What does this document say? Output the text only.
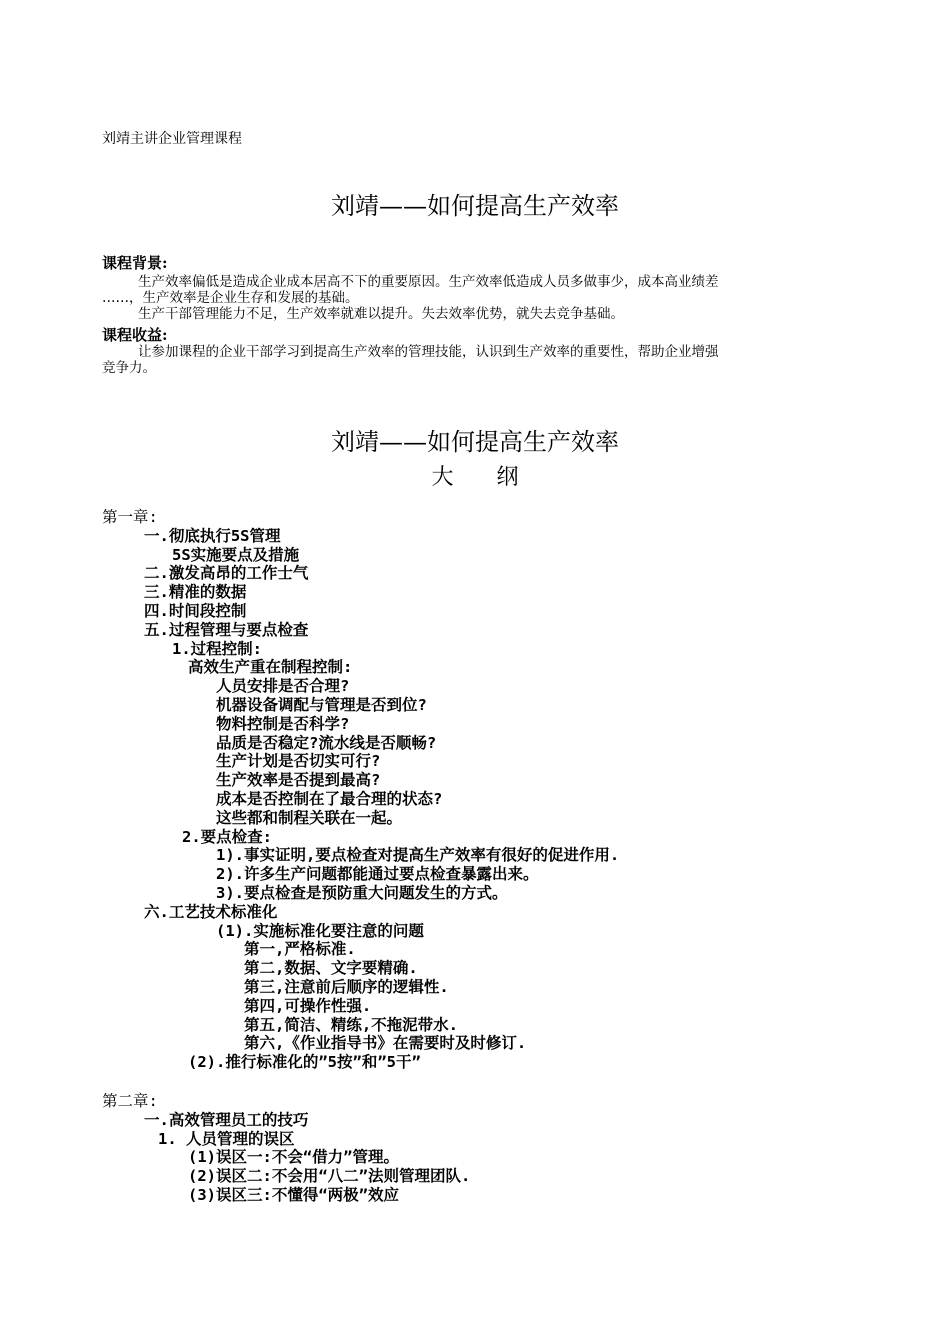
刘靖主讲企业管理课程
刘靖——如何提高生产效率
课程背景:
生产效率偏低是造成企业成本居高不下的重要原因。生产效率低造成人员多做事少，成本高业绩差
……，生产效率是企业生存和发展的基础。
生产干部管理能力不足，生产效率就难以提升。失去效率优势，就失去竞争基础。
课程收益:
让参加课程的企业干部学习到提高生产效率的管理技能，认识到生产效率的重要性，帮助企业增强
竞争力。
刘靖——如何提高生产效率
大 纲
第一章:
一.彻底执行5S管理
5S实施要点及措施
二.激发高昂的工作士气
三.精准的数据
四.时间段控制
五.过程管理与要点检查
1.过程控制:
高效生产重在制程控制:
人员安排是否合理?
机器设备调配与管理是否到位?
物料控制是否科学?
品质是否稳定?流水线是否顺畅?
生产计划是否切实可行?
生产效率是否提到最高?
成本是否控制在了最合理的状态?
这些都和制程关联在一起。
2.要点检查:
1).事实证明,要点检查对提高生产效率有很好的促进作用.
2).许多生产问题都能通过要点检查暴露出来。
3).要点检查是预防重大问题发生的方式。
六.工艺技术标准化
(1).实施标准化要注意的问题
第一,严格标准.
第二,数据、文字要精确.
第三,注意前后顺序的逻辑性.
第四,可操作性强.
第五,简洁、精练,不拖泥带水.
第六,《作业指导书》在需要时及时修订.
(2).推行标准化的”5按”和”5干”
第二章:
一.高效管理员工的技巧
1. 人员管理的误区
(1)误区一:不会“借力”管理。
(2)误区二:不会用“八二”法则管理团队.
(3)误区三:不懂得“两极”效应
